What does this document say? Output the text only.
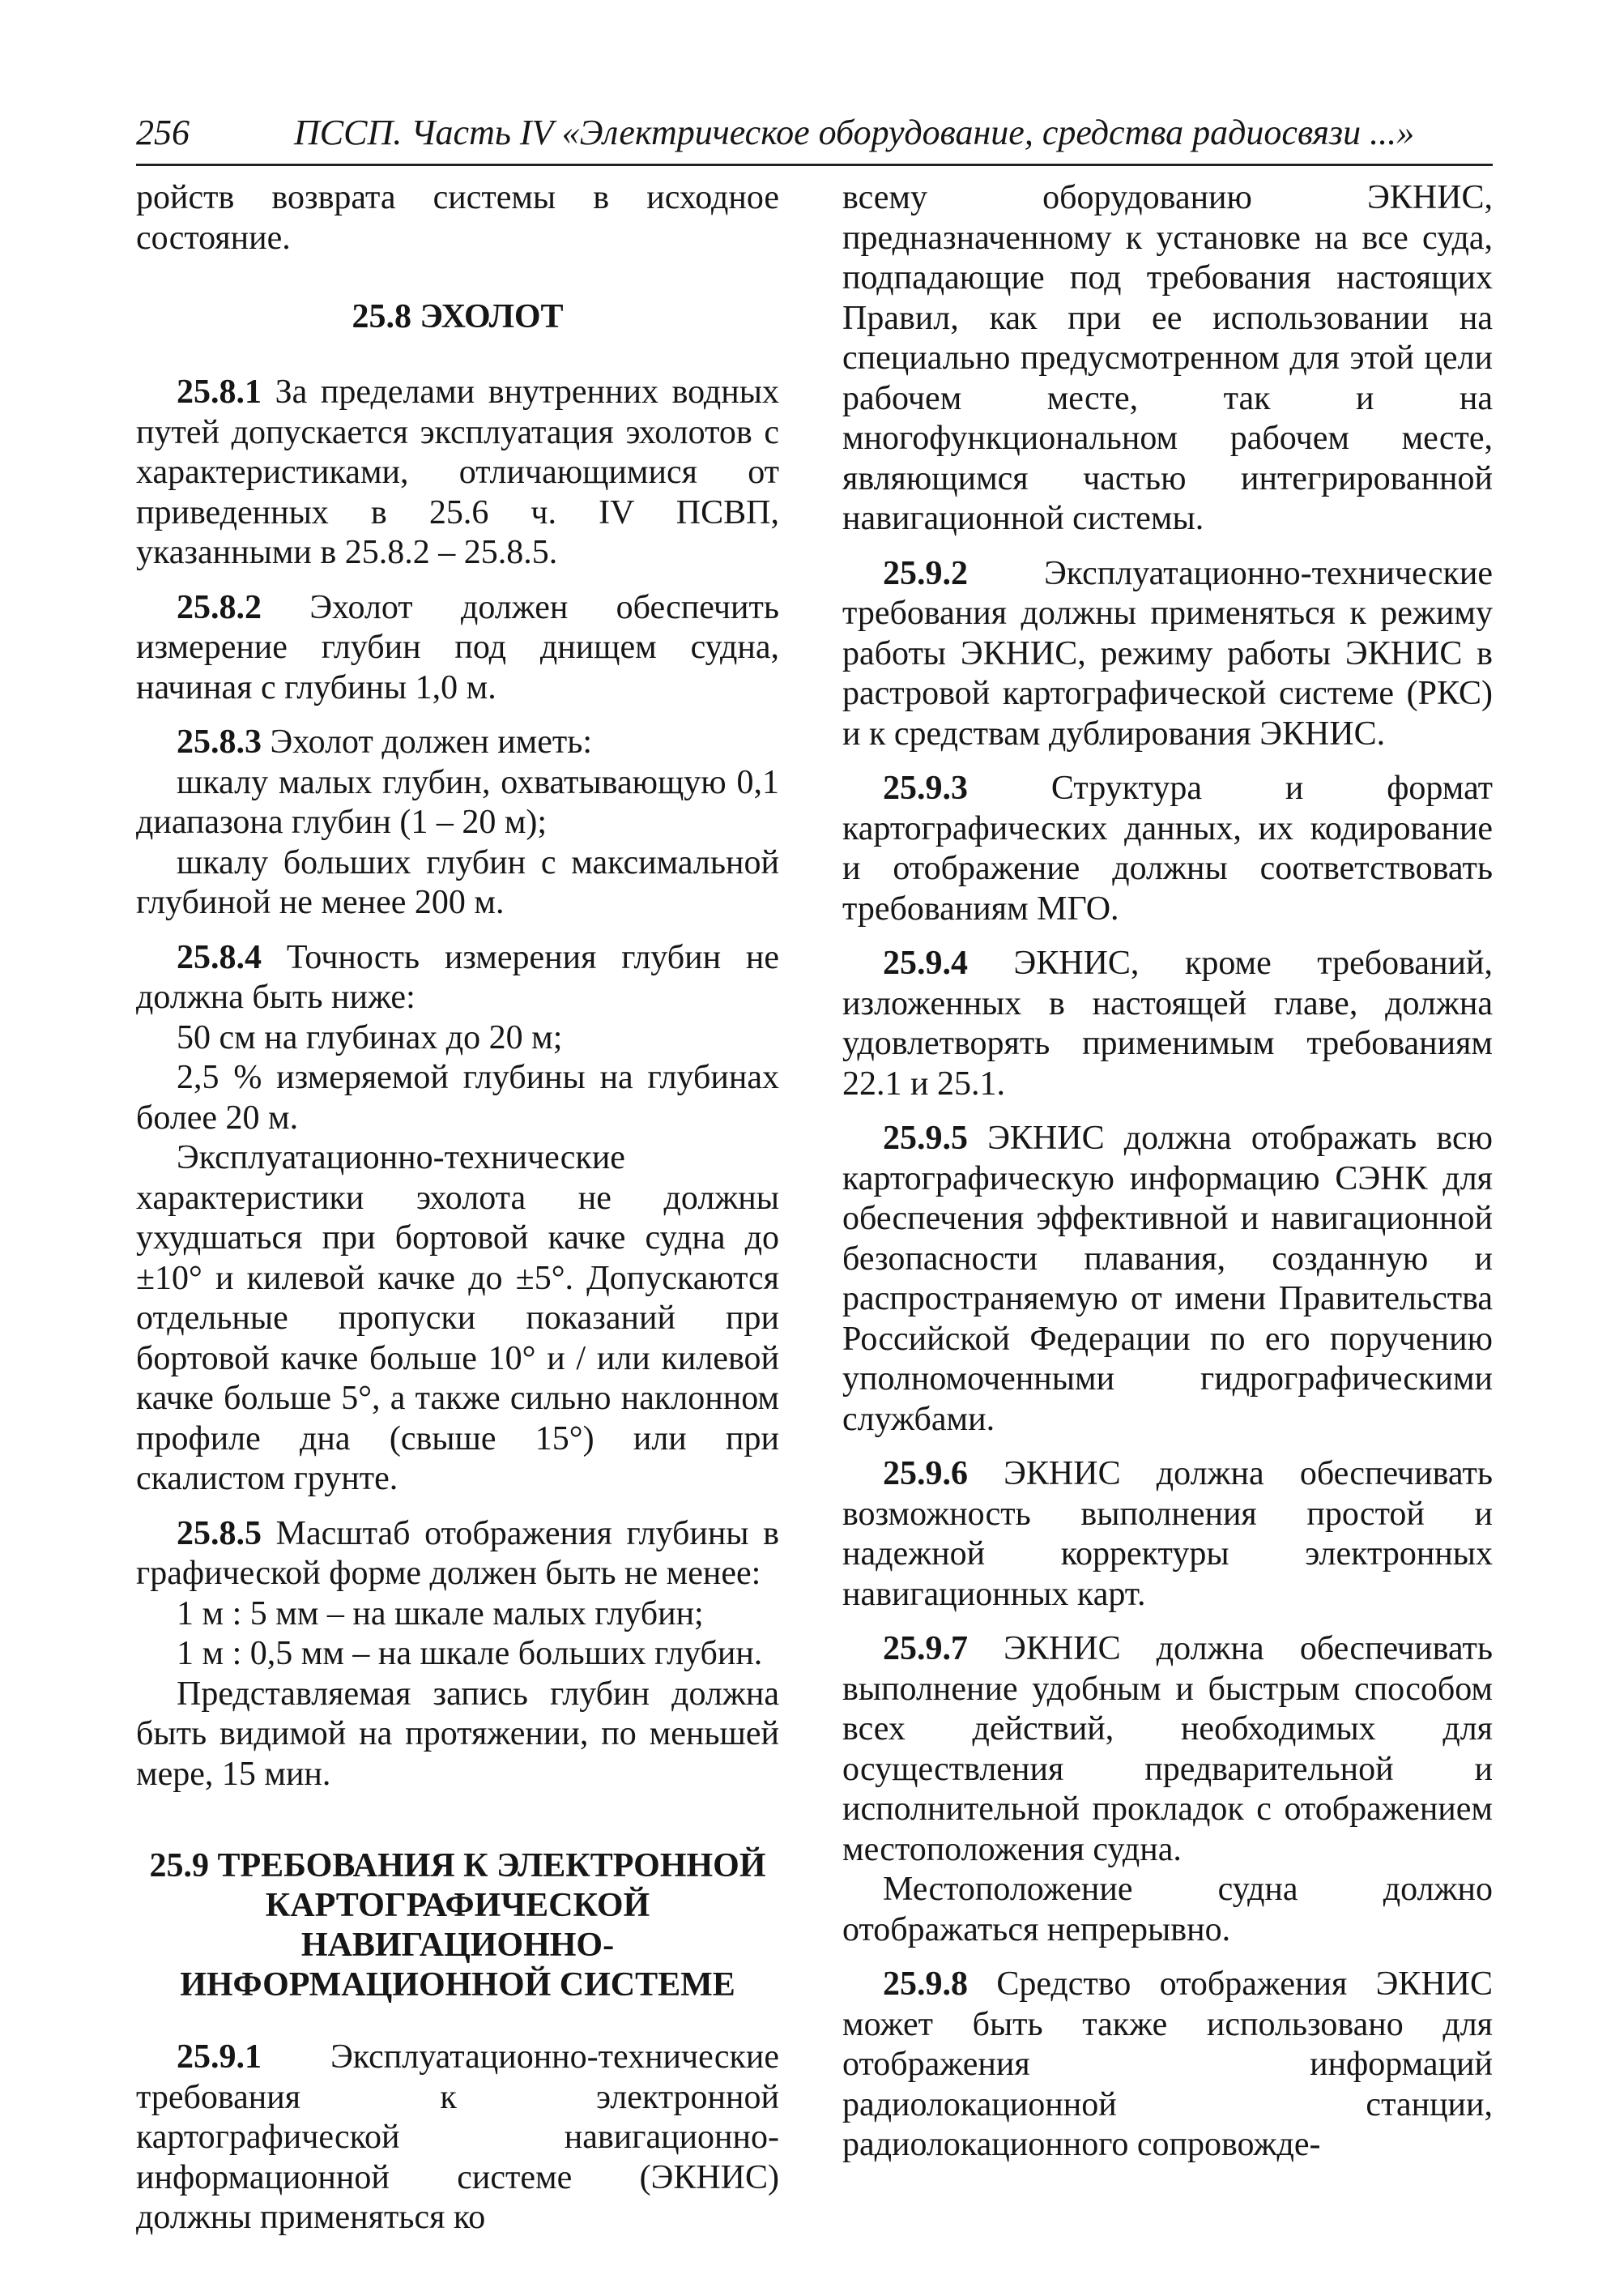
256	ПССП. Часть IV «Электрическое оборудование, средства радиосвязи ...»

ройств возврата системы в исходное состояние.

25.8 ЭХОЛОТ

25.8.1 За пределами внутренних водных путей допускается эксплуатация эхолотов с характеристиками, отличающимися от приведенных в 25.6 ч. IV ПСВП, указанными в 25.8.2 – 25.8.5.

25.8.2 Эхолот должен обеспечить измерение глубин под днищем судна, начиная с глубины 1,0 м.

25.8.3 Эхолот должен иметь:

шкалу малых глубин, охватывающую 0,1 диапазона глубин (1 – 20 м);

шкалу больших глубин с максимальной глубиной не менее 200 м.

25.8.4 Точность измерения глубин не должна быть ниже:

50 см на глубинах до 20 м;

2,5 % измеряемой глубины на глубинах более 20 м.

Эксплуатационно-технические характеристики эхолота не должны ухудшаться при бортовой качке судна до ±10° и килевой качке до ±5°. Допускаются отдельные пропуски показаний при бортовой качке больше 10° и / или килевой качке больше 5°, а также сильно наклонном профиле дна (свыше 15°) или при скалистом грунте.

25.8.5 Масштаб отображения глубины в графической форме должен быть не менее:

1 м : 5 мм – на шкале малых глубин;

1 м : 0,5 мм – на шкале больших глубин.

Представляемая запись глубин должна быть видимой на протяжении, по меньшей мере, 15 мин.

25.9 ТРЕБОВАНИЯ К ЭЛЕКТРОННОЙ
КАРТОГРАФИЧЕСКОЙ
НАВИГАЦИОННО-
ИНФОРМАЦИОННОЙ СИСТЕМЕ

25.9.1 Эксплуатационно-технические требования к электронной картографической навигационно-информационной системе (ЭКНИС) должны применяться ко

всему оборудованию ЭКНИС, предназначенному к установке на все суда, подпадающие под требования настоящих Правил, как при ее использовании на специально предусмотренном для этой цели рабочем месте, так и на многофункциональном рабочем месте, являющимся частью интегрированной навигационной системы.

25.9.2 Эксплуатационно-технические требования должны применяться к режиму работы ЭКНИС, режиму работы ЭКНИС в растровой картографической системе (РКС) и к средствам дублирования ЭКНИС.

25.9.3 Структура и формат картографических данных, их кодирование и отображение должны соответствовать требованиям МГО.

25.9.4 ЭКНИС, кроме требований, изложенных в настоящей главе, должна удовлетворять применимым требованиям 22.1 и 25.1.

25.9.5 ЭКНИС должна отображать всю картографическую информацию СЭНК для обеспечения эффективной и навигационной безопасности плавания, созданную и распространяемую от имени Правительства Российской Федерации по его поручению уполномоченными гидрографическими службами.

25.9.6 ЭКНИС должна обеспечивать возможность выполнения простой и надежной корректуры электронных навигационных карт.

25.9.7 ЭКНИС должна обеспечивать выполнение удобным и быстрым способом всех действий, необходимых для осуществления предварительной и исполнительной прокладок с отображением местоположения судна.

Местоположение судна должно отображаться непрерывно.

25.9.8 Средство отображения ЭКНИС может быть также использовано для отображения информаций радиолокационной станции, радиолокационного сопровожде-
